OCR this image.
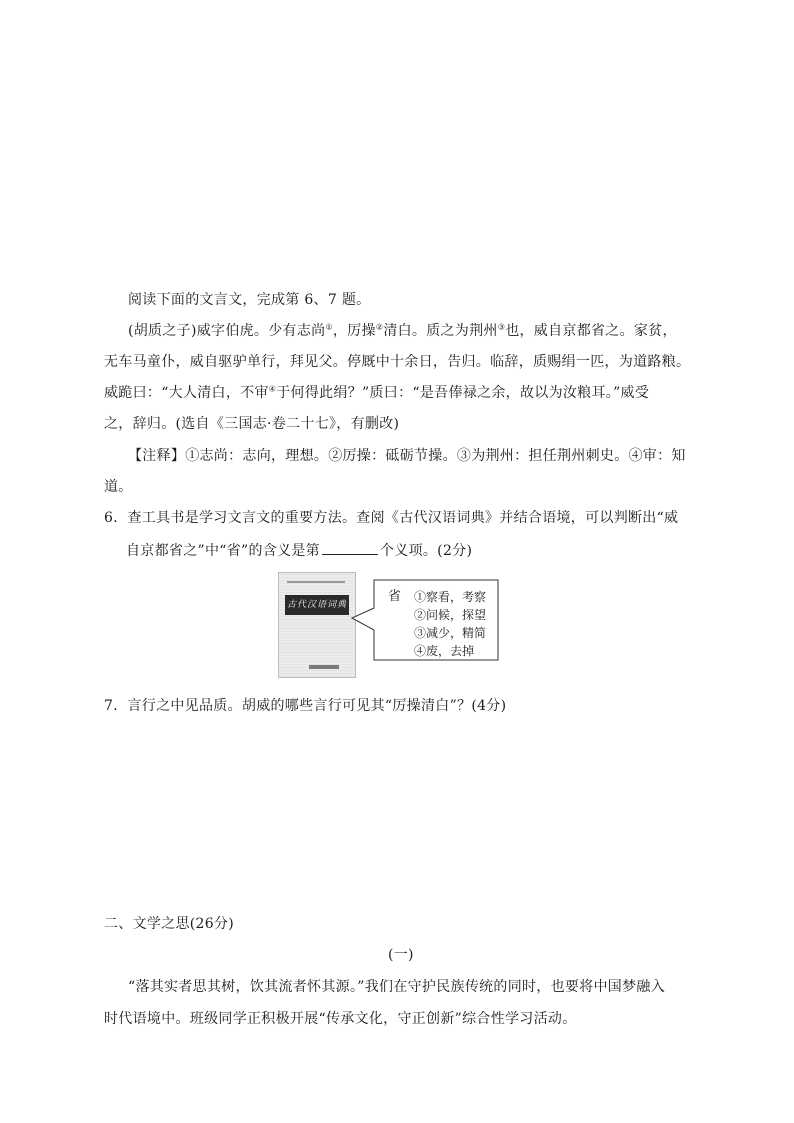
阅读下面的文言文，完成第 6、7 题。
(胡质之子)威字伯虎。少有志尚①，厉操②清白。质之为荆州③也，威自京都省之。家贫，
无车马童仆，威自驱驴单行，拜见父。停厩中十余日，告归。临辞，质赐绢一匹，为道路粮。
威跪曰：“大人清白，不审④于何得此绢？”质曰：“是吾俸禄之余，故以为汝粮耳。”威受
之，辞归。(选自《三国志·卷二十七》，有删改)
【注释】①志尚：志向，理想。②厉操：砥砺节操。③为荆州：担任荆州刺史。④审：知
道。
6．查工具书是学习文言文的重要方法。查阅《古代汉语词典》并结合语境，可以判断出“威
自京都省之”中“省”的含义是第	个义项。(2分)
古代汉语词典
省 ①察看，考察
②问候，探望
③减少，精简
④废，去掉
7．言行之中见品质。胡威的哪些言行可见其“厉操清白”？(4分)
二、文学之思(26分)
(一)
“落其实者思其树，饮其流者怀其源。”我们在守护民族传统的同时，也要将中国梦融入
时代语境中。班级同学正积极开展“传承文化，守正创新”综合性学习活动。
